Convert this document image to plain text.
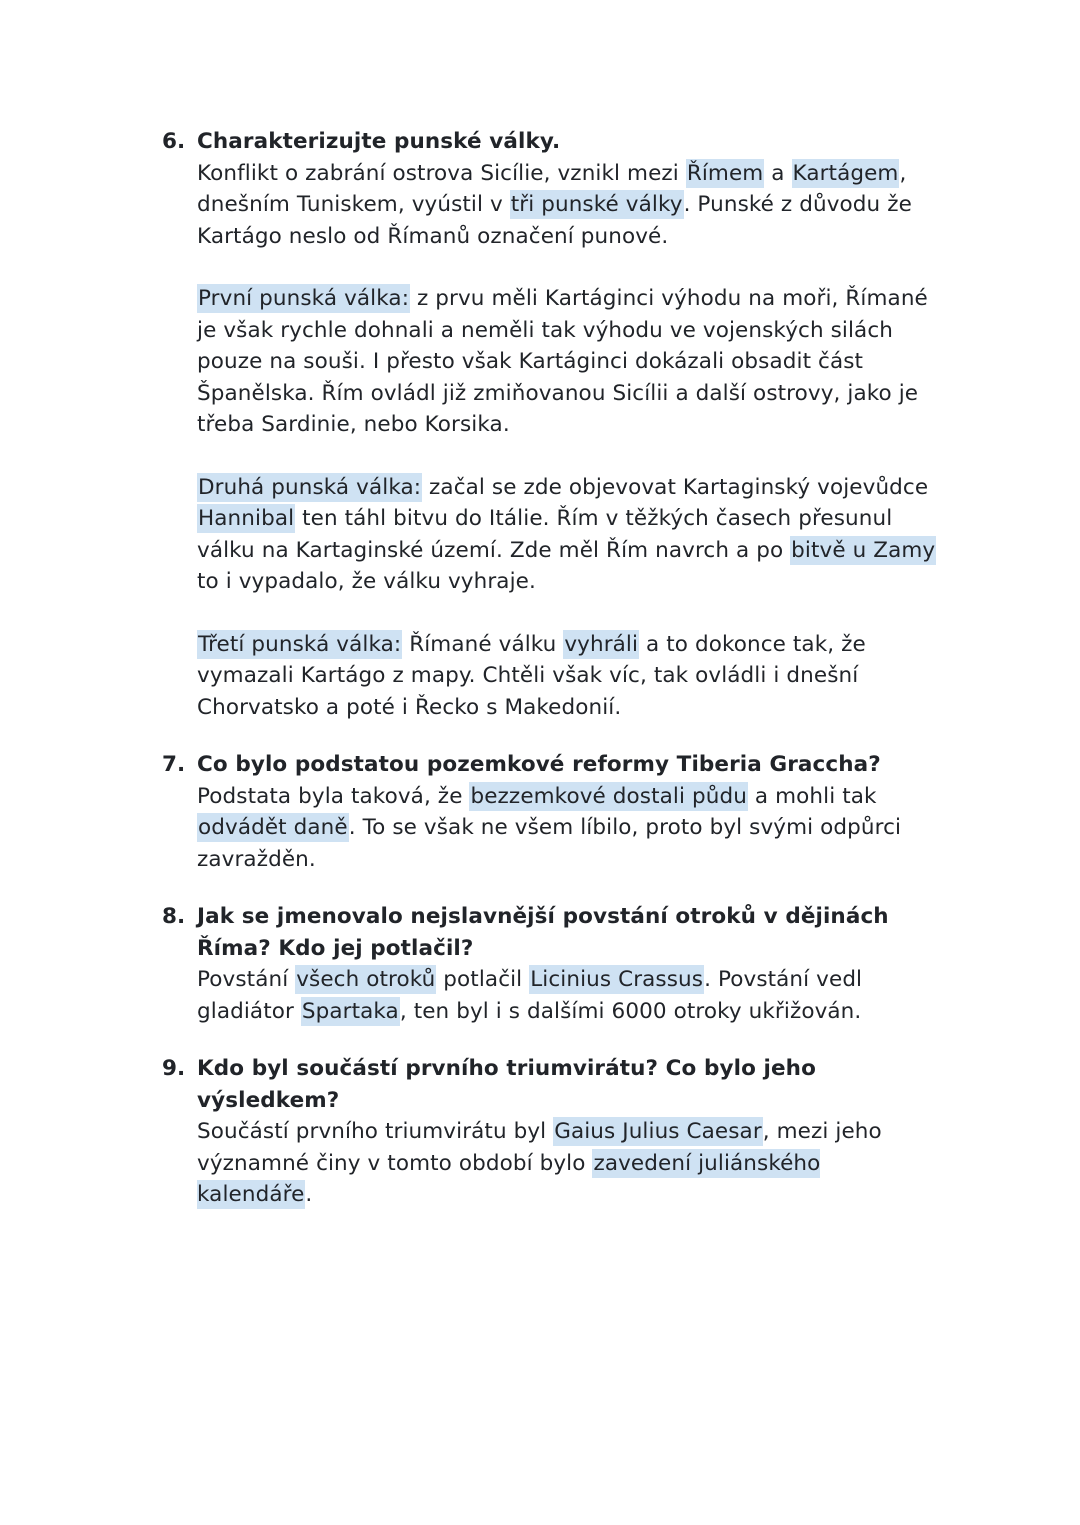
6. Charakterizujte punské války.

Konflikt o zabrání ostrova Sicílie, vznikl mezi Římem a Kartágem, dnešním Tuniskem, vyústil v tři punské války. Punské z důvodu že Kartágo neslo od Římanů označení punové.

První punská válka: z prvu měli Kartáginci výhodu na moři, Římané je však rychle dohnali a neměli tak výhodu ve vojenských silách pouze na souši. I přesto však Kartáginci dokázali obsadit část Španělska. Řím ovládl již zmiňovanou Sicílii a další ostrovy, jako je třeba Sardinie, nebo Korsika.

Druhá punská válka: začal se zde objevovat Kartaginský vojevůdce Hannibal ten táhl bitvu do Itálie. Řím v těžkých časech přesunul válku na Kartaginské území. Zde měl Řím navrch a po bitvě u Zamy to i vypadalo, že válku vyhraje.

Třetí punská válka: Římané válku vyhráli a to dokonce tak, že vymazali Kartágo z mapy. Chtěli však víc, tak ovládli i dnešní Chorvatsko a poté i Řecko s Makedonií.

7. Co bylo podstatou pozemkové reformy Tiberia Graccha?

Podstata byla taková, že bezzemkové dostali půdu a mohli tak odvádět daně. To se však ne všem líbilo, proto byl svými odpůrci zavražděn.

8. Jak se jmenovalo nejslavnější povstání otroků v dějinách Říma? Kdo jej potlačil?

Povstání všech otroků potlačil Licinius Crassus. Povstání vedl gladiátor Spartaka, ten byl i s dalšími 6000 otroky ukřižován.

9. Kdo byl součástí prvního triumvirátu? Co bylo jeho výsledkem?

Součástí prvního triumvirátu byl Gaius Julius Caesar, mezi jeho významné činy v tomto období bylo zavedení juliánského kalendáře.
